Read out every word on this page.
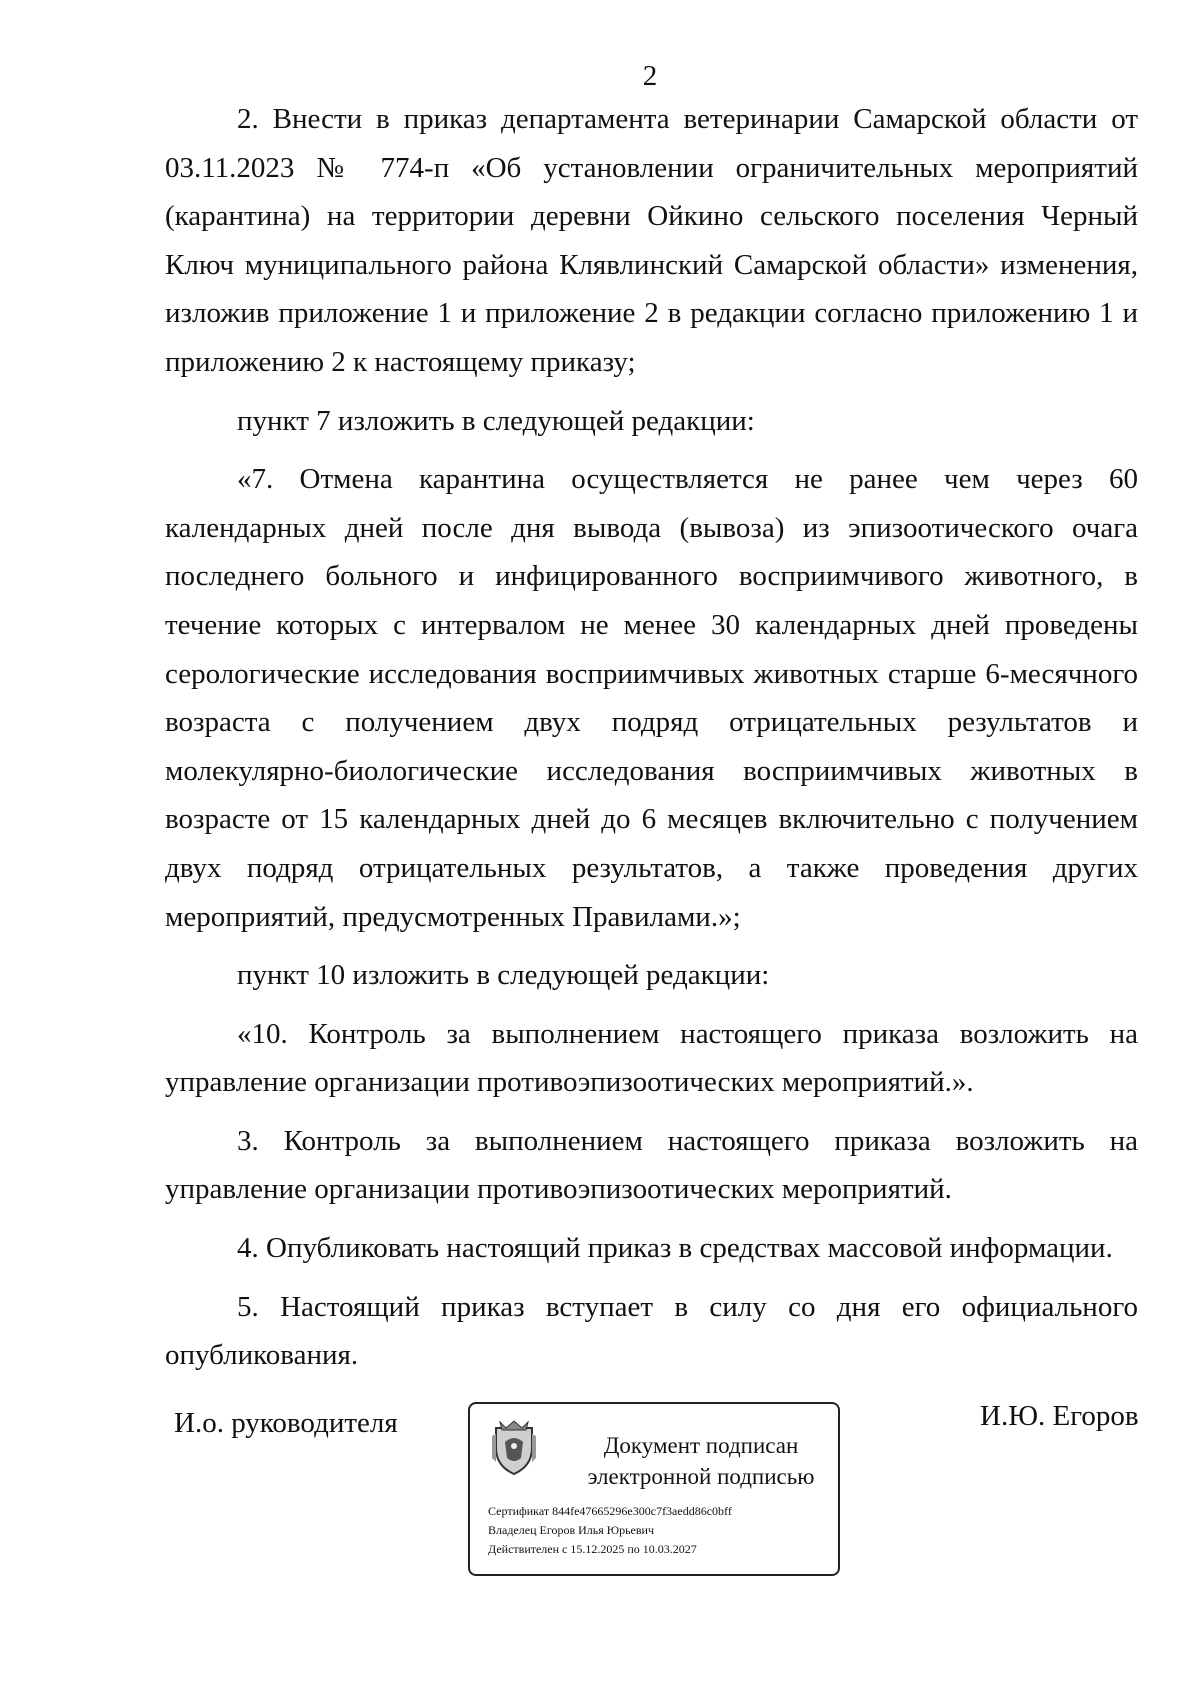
2

2. Внести в приказ департамента ветеринарии Самарской области от 03.11.2023 № 774-п «Об установлении ограничительных мероприятий (карантина) на территории деревни Ойкино сельского поселения Черный Ключ муниципального района Клявлинский Самарской области» изменения, изложив приложение 1 и приложение 2 в редакции согласно приложению 1 и приложению 2 к настоящему приказу;

пункт 7 изложить в следующей редакции:

«7. Отмена карантина осуществляется не ранее чем через 60 календарных дней после дня вывода (вывоза) из эпизоотического очага последнего больного и инфицированного восприимчивого животного, в течение которых с интервалом не менее 30 календарных дней проведены серологические исследования восприимчивых животных старше 6-месячного возраста с получением двух подряд отрицательных результатов и молекулярно-биологические исследования восприимчивых животных в возрасте от 15 календарных дней до 6 месяцев включительно с получением двух подряд отрицательных результатов, а также проведения других мероприятий, предусмотренных Правилами.»;

пункт 10 изложить в следующей редакции:

«10. Контроль за выполнением настоящего приказа возложить на управление организации противоэпизоотических мероприятий.».

3. Контроль за выполнением настоящего приказа возложить на управление организации противоэпизоотических мероприятий.

4. Опубликовать настоящий приказ в средствах массовой информации.

5. Настоящий приказ вступает в силу со дня его официального опубликования.

И.о. руководителя
Документ подписан
электронной подписью
Сертификат 844fe47665296e300c7f3aedd86c0bff
Владелец Егоров Илья Юрьевич
Действителен с 15.12.2025 по 10.03.2027
И.Ю. Егоров
